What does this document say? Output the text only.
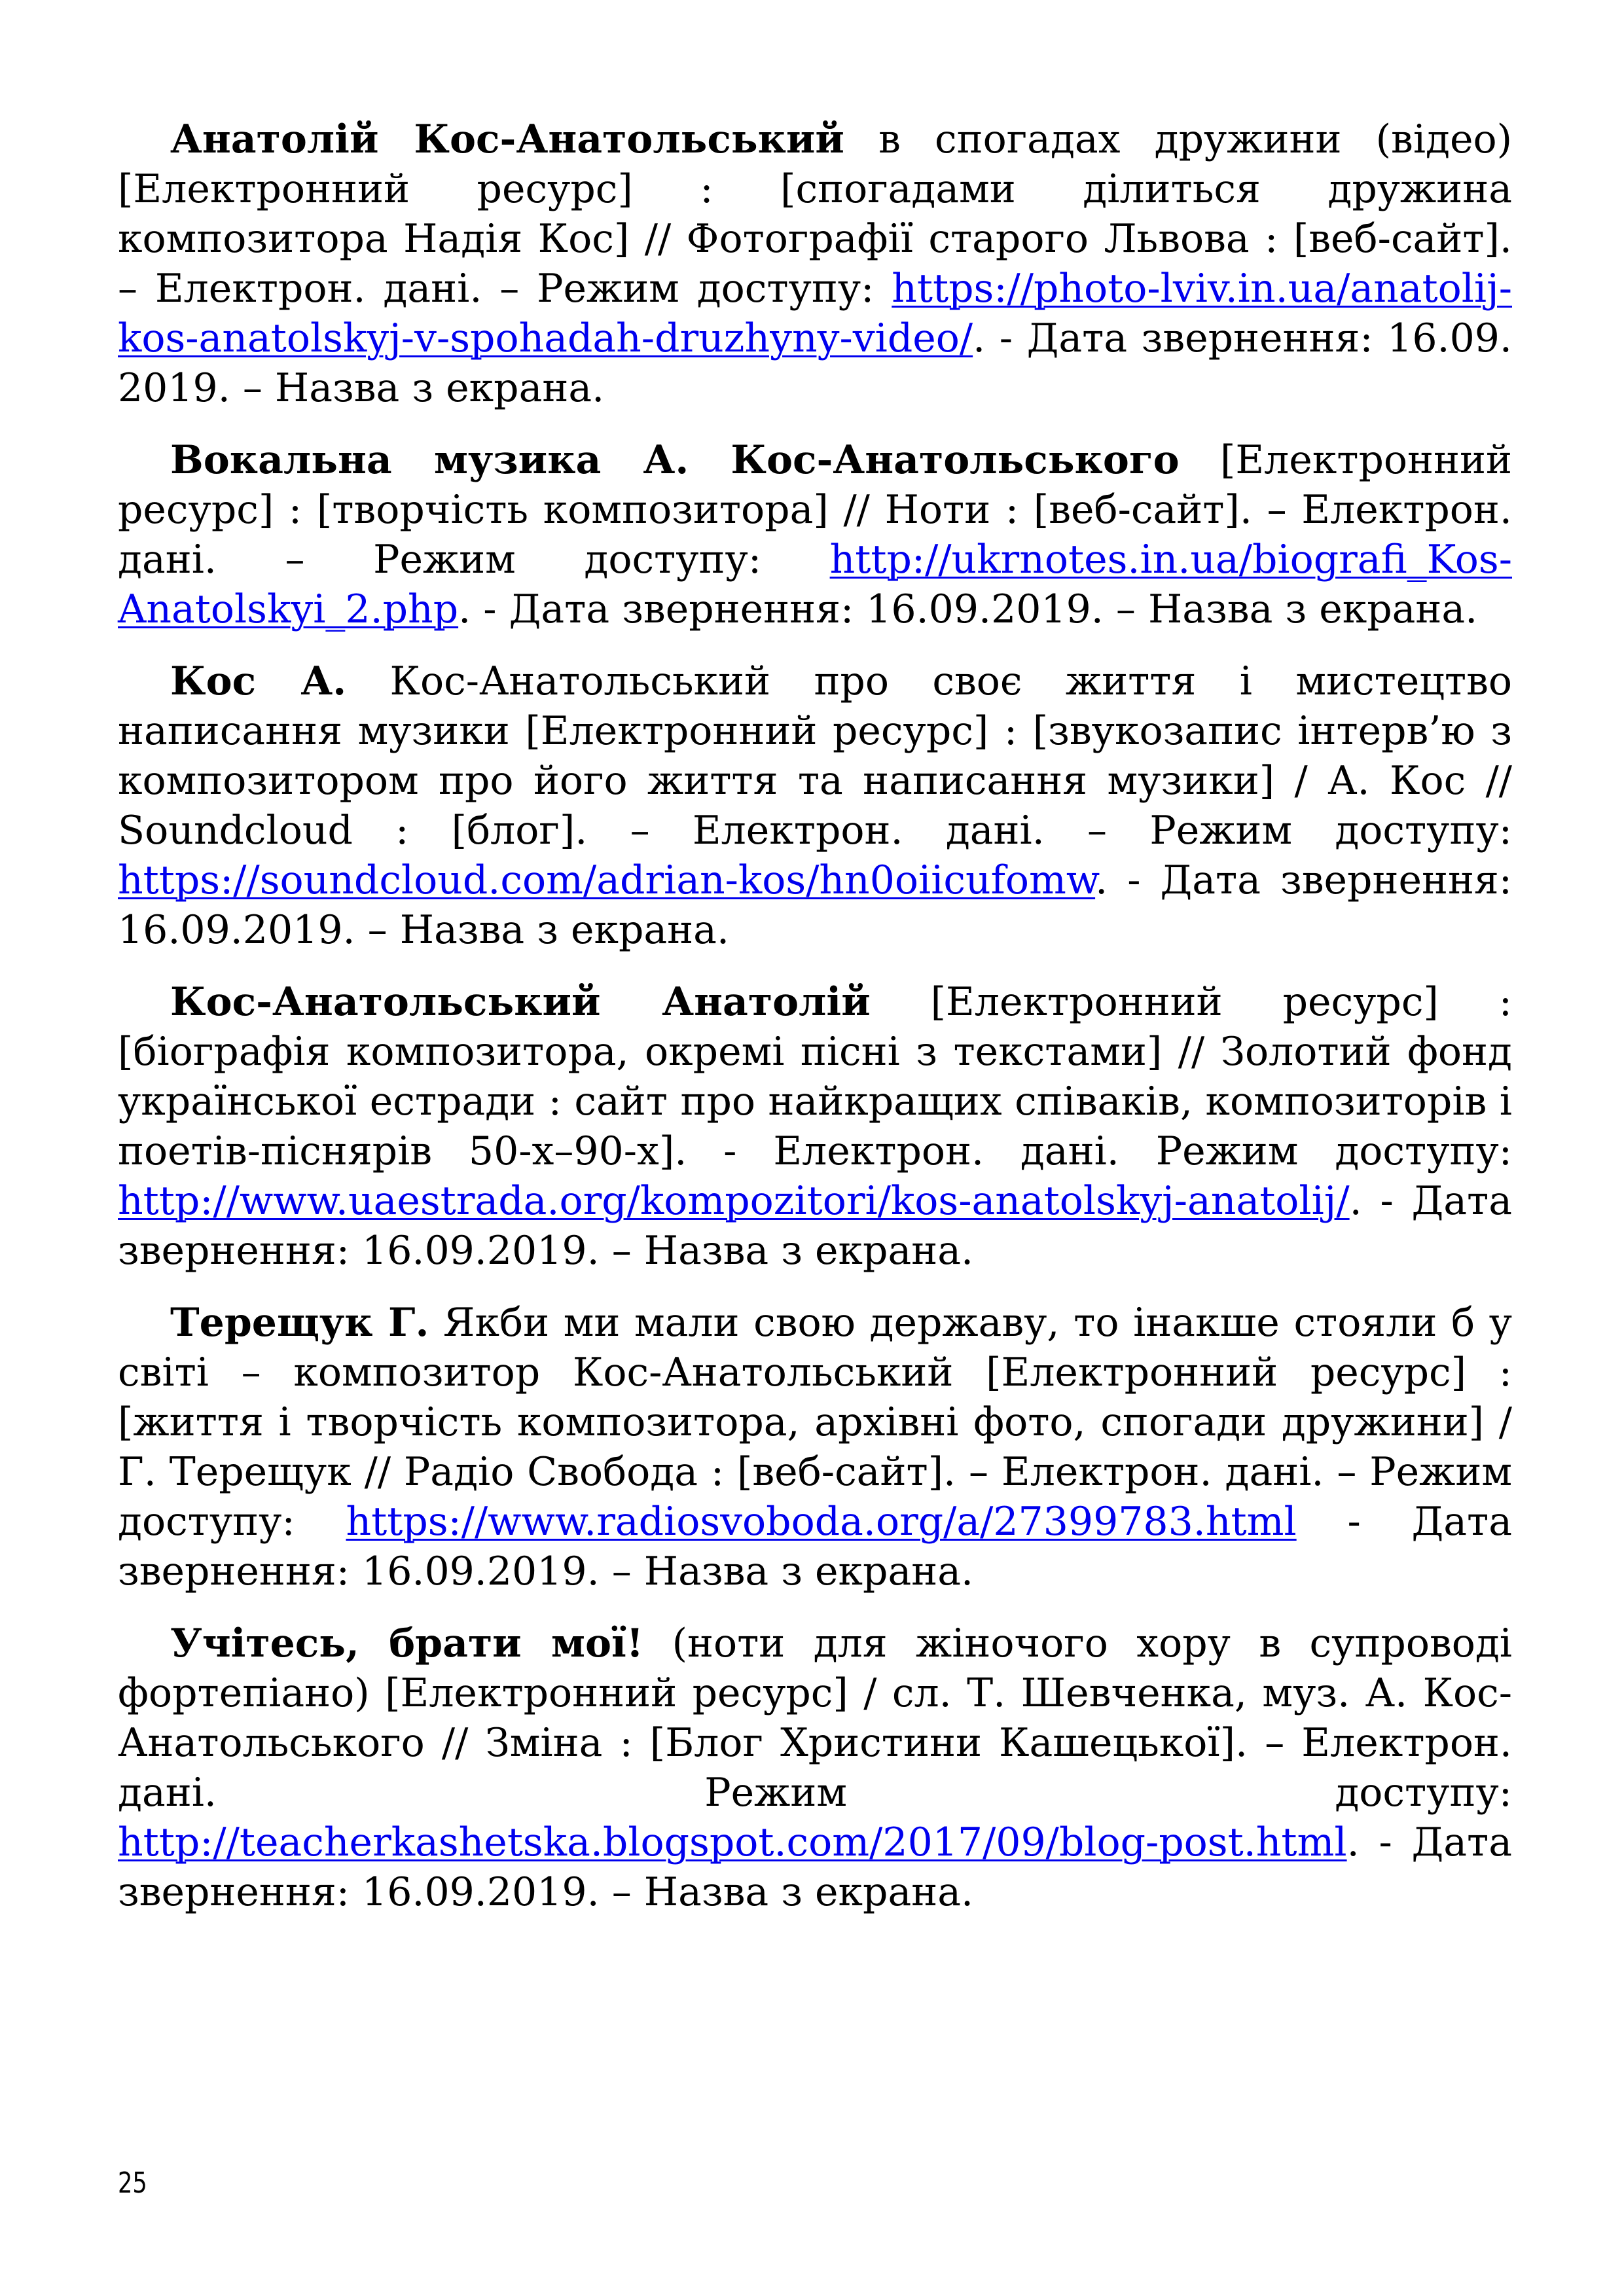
Анатолій Кос-Анатольський в спогадах дружини (відео) [Електронний ресурс] : [спогадами ділиться дружина композитора Надія Кос] // Фотографії старого Львова : [веб-сайт]. – Електрон. дані. – Режим доступу: https://photo-lviv.in.ua/anatolij-kos-anatolskyj-v-spohadah-druzhyny-video/. - Дата звернення: 16.09. 2019. – Назва з екрана.

Вокальна музика А. Кос-Анатольського [Електронний ресурс] : [творчість композитора] // Ноти : [веб-сайт]. – Електрон. дані. – Режим доступу: http://ukrnotes.in.ua/biografi_Kos-Anatolskyi_2.php. - Дата звернення: 16.09.2019. – Назва з екрана.

Кос А. Кос-Анатольський про своє життя і мистецтво написання музики [Електронний ресурс] : [звукозапис інтерв’ю з композитором про його життя та написання музики] / А. Кос // Soundcloud : [блог]. – Електрон. дані. – Режим доступу: https://soundcloud.com/adrian-kos/hn0oiicufomw. - Дата звернення: 16.09.2019. – Назва з екрана.

Кос-Анатольський Анатолій [Електронний ресурс] : [біографія композитора, окремі пісні з текстами] // Золотий фонд української естради : сайт про найкращих співаків, композиторів і поетів-піснярів 50-х–90-х]. - Електрон. дані. Режим доступу: http://www.uaestrada.org/kompozitori/kos-anatolskyj-anatolij/. - Дата звернення: 16.09.2019. – Назва з екрана.

Терещук Г. Якби ми мали свою державу, то інакше стояли б у світі – композитор Кос-Анатольський [Електронний ресурс] : [життя і творчість композитора, архівні фото, спогади дружини] / Г. Терещук // Радіо Свобода : [веб-сайт]. – Електрон. дані. – Режим доступу: https://www.radiosvoboda.org/a/27399783.html - Дата звернення: 16.09.2019. – Назва з екрана.

Учітесь, брати мої! (ноти для жіночого хору в супроводі фортепіано) [Електронний ресурс] / сл. Т. Шевченка, муз. А. Кос-Анатольського // Зміна : [Блог Христини Кашецької]. – Електрон. дані. Режим доступу: http://teacherkashetska.blogspot.com/2017/09/blog-post.html. - Дата звернення: 16.09.2019. – Назва з екрана.

25
